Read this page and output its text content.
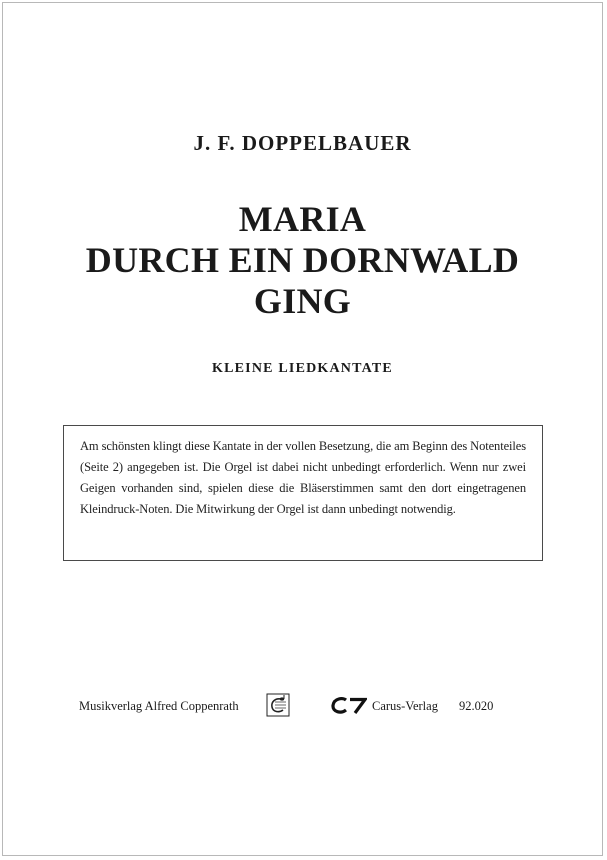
J. F. DOPPELBAUER
MARIA
DURCH EIN DORNWALD
GING
KLEINE LIEDKANTATE
Am schönsten klingt diese Kantate in der vollen Besetzung, die am Beginn des Notenteiles (Seite 2) angegeben ist. Die Orgel ist dabei nicht unbedingt erforderlich. Wenn nur zwei Geigen vorhanden sind, spielen diese die Bläserstimmen samt den dort eingetragenen Kleindruck-Noten. Die Mitwirkung der Orgel ist dann unbedingt notwendig.
Musikverlag Alfred Coppenrath	Carus-Verlag 92.020
